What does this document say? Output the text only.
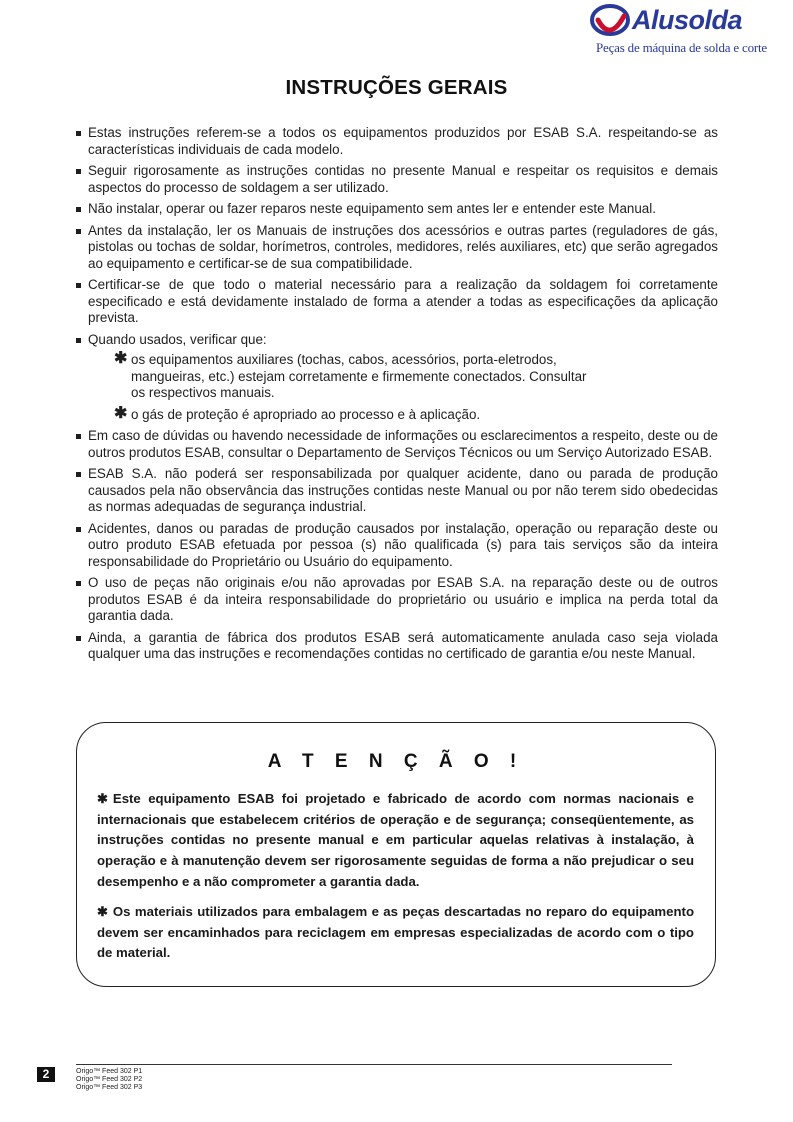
Alusolda
Peças de máquina de solda e corte
INSTRUÇÕES GERAIS
Estas instruções referem-se a todos os equipamentos produzidos por ESAB S.A. respeitando-se as características individuais de cada modelo.
Seguir rigorosamente as instruções contidas no presente Manual e respeitar os requisitos e demais aspectos do processo de soldagem a ser utilizado.
Não instalar, operar ou fazer reparos neste equipamento sem antes ler e entender este Manual.
Antes da instalação, ler os Manuais de instruções dos acessórios e outras partes (reguladores de gás, pistolas ou tochas de soldar, horímetros, controles, medidores, relés auxiliares, etc) que serão agregados ao equipamento e certificar-se de sua compatibilidade.
Certificar-se de que todo o material necessário para a realização da soldagem foi corretamente especificado e está devidamente instalado de forma a atender a todas as especificações da aplicação prevista.
Quando usados, verificar que:
✱ os equipamentos auxiliares (tochas, cabos, acessórios, porta-eletrodos, mangueiras, etc.) estejam corretamente e firmemente conectados. Consultar os respectivos manuais.
✱ o gás de proteção é apropriado ao processo e à aplicação.
Em caso de dúvidas ou havendo necessidade de informações ou esclarecimentos a respeito, deste ou de outros produtos ESAB, consultar o Departamento de Serviços Técnicos ou um Serviço Autorizado ESAB.
ESAB S.A. não poderá ser responsabilizada por qualquer acidente, dano ou parada de produção causados pela não observância das instruções contidas neste Manual ou por não terem sido obedecidas as normas adequadas de segurança industrial.
Acidentes, danos ou paradas de produção causados por instalação, operação ou reparação deste ou outro produto ESAB efetuada por pessoa (s) não qualificada (s) para tais serviços são da inteira responsabilidade do Proprietário ou Usuário do equipamento.
O uso de peças não originais e/ou não aprovadas por ESAB S.A. na reparação deste ou de outros produtos ESAB é da inteira responsabilidade do proprietário ou usuário e implica na perda total da garantia dada.
Ainda, a garantia de fábrica dos produtos ESAB será automaticamente anulada caso seja violada qualquer uma das instruções e recomendações contidas no certificado de garantia e/ou neste Manual.
A T E N Ç Ã O !

✱ Este equipamento ESAB foi projetado e fabricado de acordo com normas nacionais e internacionais que estabelecem critérios de operação e de segurança; conseqüentemente, as instruções contidas no presente manual e em particular aquelas relativas à instalação, à operação e à manutenção devem ser rigorosamente seguidas de forma a não prejudicar o seu desempenho e a não comprometer a garantia dada.

✱ Os materiais utilizados para embalagem e as peças descartadas no reparo do equipamento devem ser encaminhados para reciclagem em empresas especializadas de acordo com o tipo de material.

2	Origo™ Feed 302 P1
Origo™ Feed 302 P2
Origo™ Feed 302 P3
